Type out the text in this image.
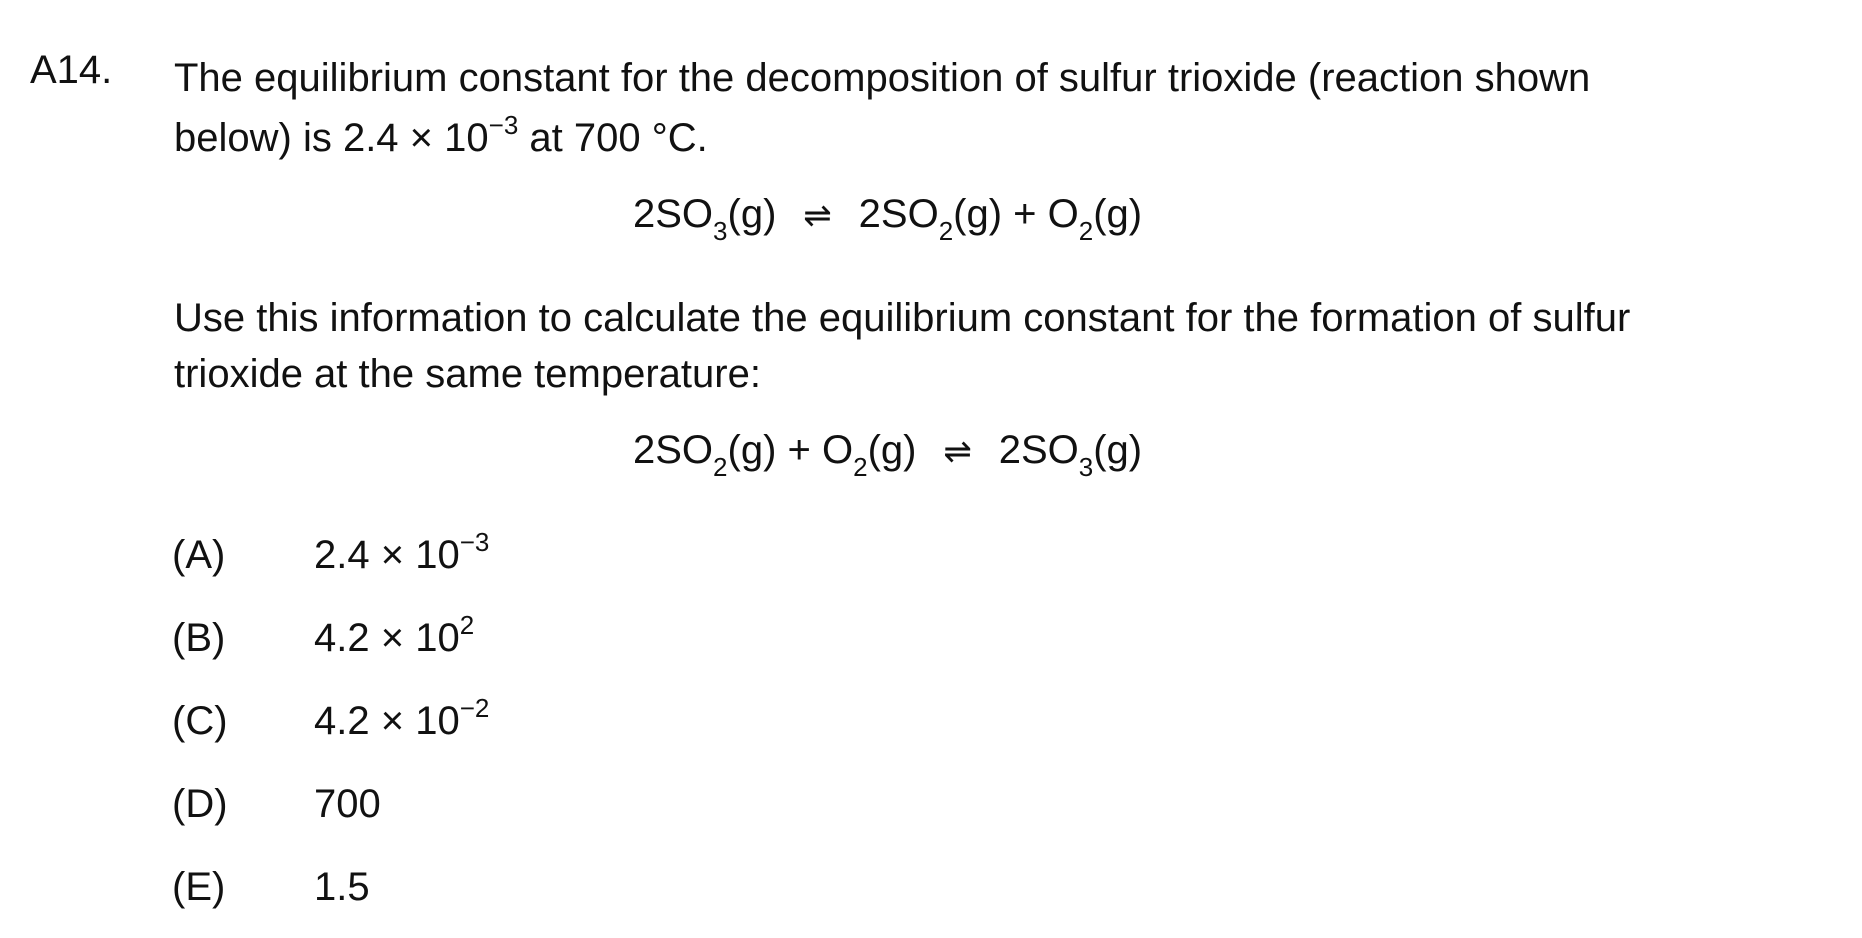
A14. The equilibrium constant for the decomposition of sulfur trioxide (reaction shown
below) is $2.4 \times 10^{-3}$ at 700 °C.
$2SO_3(g)$ ⇌ $2SO_2(g) + O_2(g)$
Use this information to calculate the equilibrium constant for the formation of sulfur
trioxide at the same temperature:
$2SO_2(g) + O_2(g)$ ⇌ $2SO_3(g)$
(A) $2.4 \times 10^{-3}$
(B) $4.2 \times 10^2$
(C) $4.2 \times 10^{-2}$
(D) 700
(E) 1.5
